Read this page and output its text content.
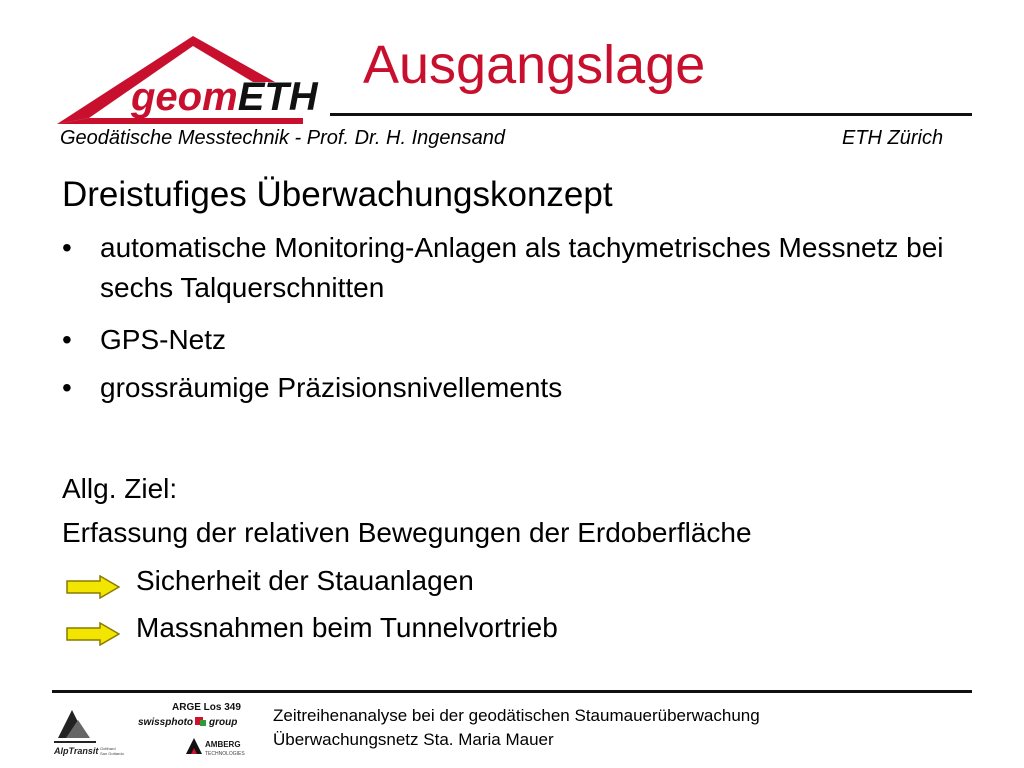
geomETH
Ausgangslage
Geodätische Messtechnik - Prof. Dr. H. Ingensand	ETH Zürich
Dreistufiges Überwachungskonzept
• automatische Monitoring-Anlagen als tachymetrisches Messnetz bei sechs Talquerschnitten
• GPS-Netz
• grossräumige Präzisionsnivellements
Allg. Ziel:
Erfassung der relativen Bewegungen der Erdoberfläche
Sicherheit der Stauanlagen
Massnahmen beim Tunnelvortrieb
AlpTransit Gotthard
San Gottardo
ARGE Los 349
swissphoto group
AMBERG
TECHNOLOGIES
Zeitreihenanalyse bei der geodätischen Staumauerüberwachung
Überwachungsnetz Sta. Maria Mauer
